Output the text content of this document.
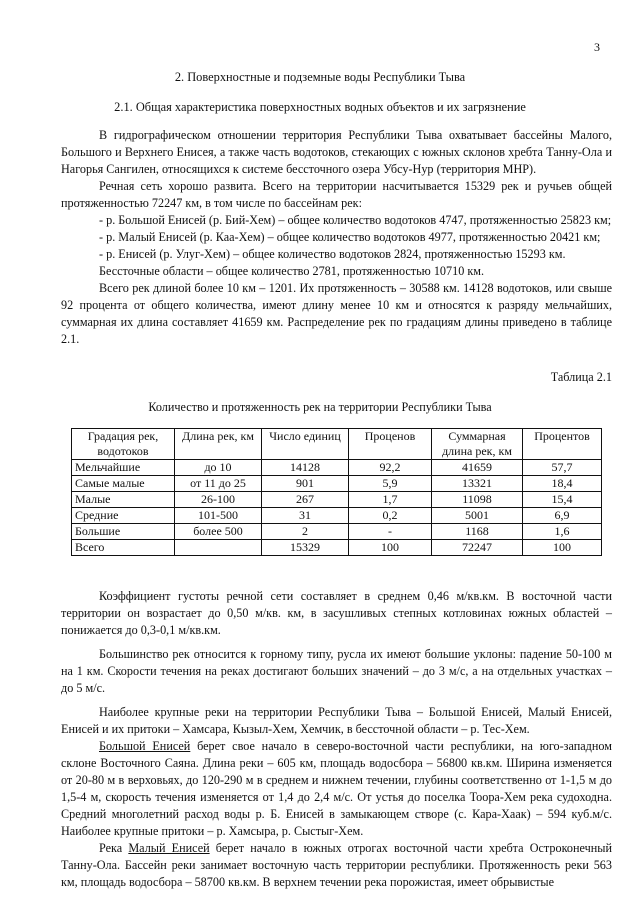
3
2. Поверхностные и подземные воды Республики Тыва
2.1. Общая характеристика поверхностных водных объектов и их загрязнение

В гидрографическом отношении территория Республики Тыва охватывает бассейны Малого, Большого и Верхнего Енисея, а также часть водотоков, стекающих с южных склонов хребта Танну-Ола и Нагорья Сангилен, относящихся к системе бессточного озера Убсу-Нур (территория МНР).

Речная сеть хорошо развита. Всего на территории насчитывается 15329 рек и ручьев общей протяженностью 72247 км, в том числе по бассейнам рек:

- р. Большой Енисей (р. Бий-Хем) – общее количество водотоков 4747, протяженностью 25823 км;

- р. Малый Енисей (р. Каа-Хем) – общее количество водотоков 4977, протяженностью 20421 км;

- р. Енисей (р. Улуг-Хем) – общее количество водотоков 2824, протяженностью 15293 км.

Бессточные области – общее количество 2781, протяженностью 10710 км.

Всего рек длиной более 10 км – 1201. Их протяженность – 30588 км. 14128 водотоков, или свыше 92 процента от общего количества, имеют длину менее 10 км и относятся к разряду мельчайших, суммарная их длина составляет 41659 км. Распределение рек по градациям длины приведено в таблице 2.1.

Таблица 2.1
Количество и протяженность рек на территории Республики Тыва
Градация рек, водотоков	Длина рек, км	Число единиц	Проценов	Суммарная длина рек, км	Процентов
Мельчайшие	до 10	14128	92,2	41659	57,7
Самые малые	от 11 до 25	901	5,9	13321	18,4
Малые	26-100	267	1,7	11098	15,4
Средние	101-500	31	0,2	5001	6,9
Большие	более 500	2	-	1168	1,6
Всего		15329	100	72247	100

Коэффициент густоты речной сети составляет в среднем 0,46 м/кв.км. В восточной части территории он возрастает до 0,50 м/кв. км, в засушливых степных котловинах южных областей – понижается до 0,3-0,1 м/кв.км.

Большинство рек относится к горному типу, русла их имеют большие уклоны: падение 50-100 м на 1 км. Скорости течения на реках достигают больших значений – до 3 м/с, а на отдельных участках – до 5 м/с.

Наиболее крупные реки на территории Республики Тыва – Большой Енисей, Малый Енисей, Енисей и их притоки – Хамсара, Кызыл-Хем, Хемчик, в бессточной области – р. Тес-Хем.

Большой Енисей берет свое начало в северо-восточной части республики, на юго-западном склоне Восточного Саяна. Длина реки – 605 км, площадь водосбора – 56800 кв.км. Ширина изменяется от 20-80 м в верховьях, до 120-290 м в среднем и нижнем течении, глубины соответственно от 1-1,5 м до 1,5-4 м, скорость течения изменяется от 1,4 до 2,4 м/с. От устья до поселка Тоора-Хем река судоходна. Средний многолетний расход воды р. Б. Енисей в замыкающем створе (с. Кара-Хаак) – 594 куб.м/с. Наиболее крупные притоки – р. Хамсыра, р. Сыстыг-Хем.

Река Малый Енисей берет начало в южных отрогах восточной части хребта Остроконечный Танну-Ола. Бассейн реки занимает восточную часть территории республики. Протяженность реки 563 км, площадь водосбора – 58700 кв.км. В верхнем течении река порожистая, имеет обрывистые
